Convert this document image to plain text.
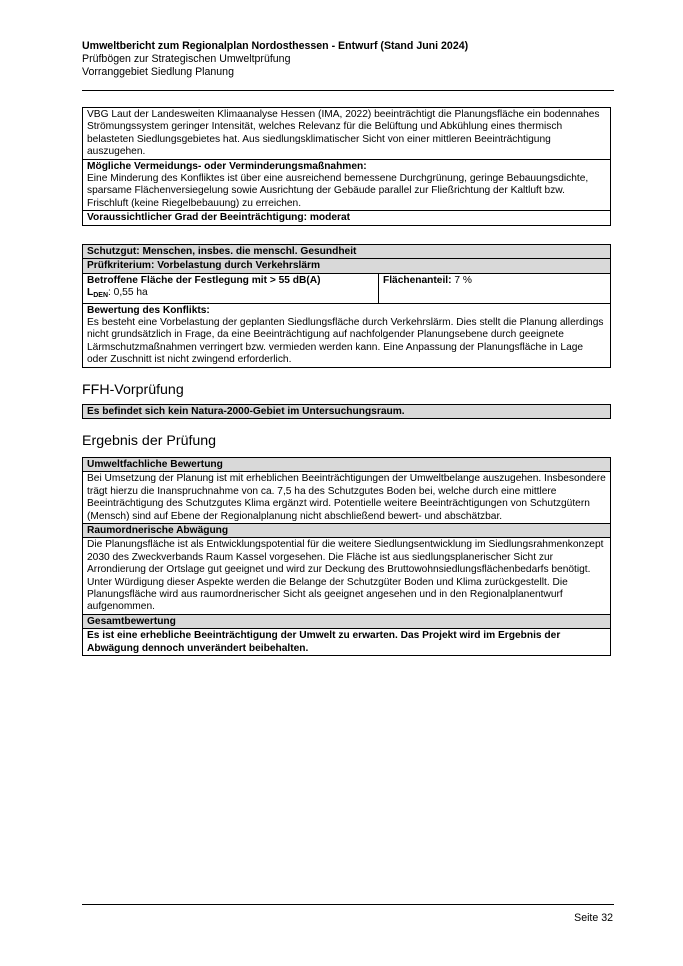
Umweltbericht zum Regionalplan Nordosthessen - Entwurf (Stand Juni 2024)
Prüfbögen zur Strategischen Umweltprüfung
Vorranggebiet Siedlung Planung
VBG Laut der Landesweiten Klimaanalyse Hessen (IMA, 2022) beeinträchtigt die Planungsfläche ein bodennahes Strömungssystem geringer Intensität, welches Relevanz für die Belüftung und Abkühlung eines thermisch belasteten Siedlungsgebietes hat. Aus siedlungsklimatischer Sicht von einer mittleren Beeinträchtigung auszugehen.

Mögliche Vermeidungs- oder Verminderungsmaßnahmen:
Eine Minderung des Konfliktes ist über eine ausreichend bemessene Durchgrünung, geringe Bebauungsdichte, sparsame Flächenversiegelung sowie Ausrichtung der Gebäude parallel zur Fließrichtung der Kaltluft bzw. Frischluft (keine Riegelbebauung) zu erreichen.

Voraussichtlicher Grad der Beeinträchtigung: moderat
Schutzgut: Menschen, insbes. die menschl. Gesundheit
Prüfkriterium: Vorbelastung durch Verkehrslärm

Betroffene Fläche der Festlegung mit > 55 dB(A)
$L_{DEN}$: 0,55 ha
	Flächenanteil: 7 %

Bewertung des Konflikts:
Es besteht eine Vorbelastung der geplanten Siedlungsfläche durch Verkehrslärm. Dies stellt die Planung allerdings nicht grundsätzlich in Frage, da eine Beeinträchtigung auf nachfolgender Planungsebene durch geeignete Lärmschutzmaßnahmen verringert bzw. vermieden werden kann. Eine Anpassung der Planungsfläche in Lage oder Zuschnitt ist nicht zwingend erforderlich.
FFH-Vorprüfung
Es befindet sich kein Natura-2000-Gebiet im Untersuchungsraum.
Ergebnis der Prüfung
Umweltfachliche Bewertung
Bei Umsetzung der Planung ist mit erheblichen Beeinträchtigungen der Umweltbelange auszugehen. Insbesondere trägt hierzu die Inanspruchnahme von ca. 7,5 ha des Schutzgutes Boden bei, welche durch eine mittlere Beeinträchtigung des Schutzgutes Klima ergänzt wird. Potentielle weitere Beeinträchtigungen von Schutzgütern (Mensch) sind auf Ebene der Regionalplanung nicht abschließend bewert- und abschätzbar.
Raumordnerische Abwägung
Die Planungsfläche ist als Entwicklungspotential für die weitere Siedlungsentwicklung im Siedlungsrahmenkonzept 2030 des Zweckverbands Raum Kassel vorgesehen. Die Fläche ist aus siedlungsplanerischer Sicht zur Arrondierung der Ortslage gut geeignet und wird zur Deckung des Bruttowohnsiedlungsflächenbedarfs benötigt. Unter Würdigung dieser Aspekte werden die Belange der Schutzgüter Boden und Klima zurückgestellt. Die Planungsfläche wird aus raumordnerischer Sicht als geeignet angesehen und in den Regionalplanentwurf aufgenommen.
Gesamtbewertung
Es ist eine erhebliche Beeinträchtigung der Umwelt zu erwarten. Das Projekt wird im Ergebnis der Abwägung dennoch unverändert beibehalten.
Seite 32
